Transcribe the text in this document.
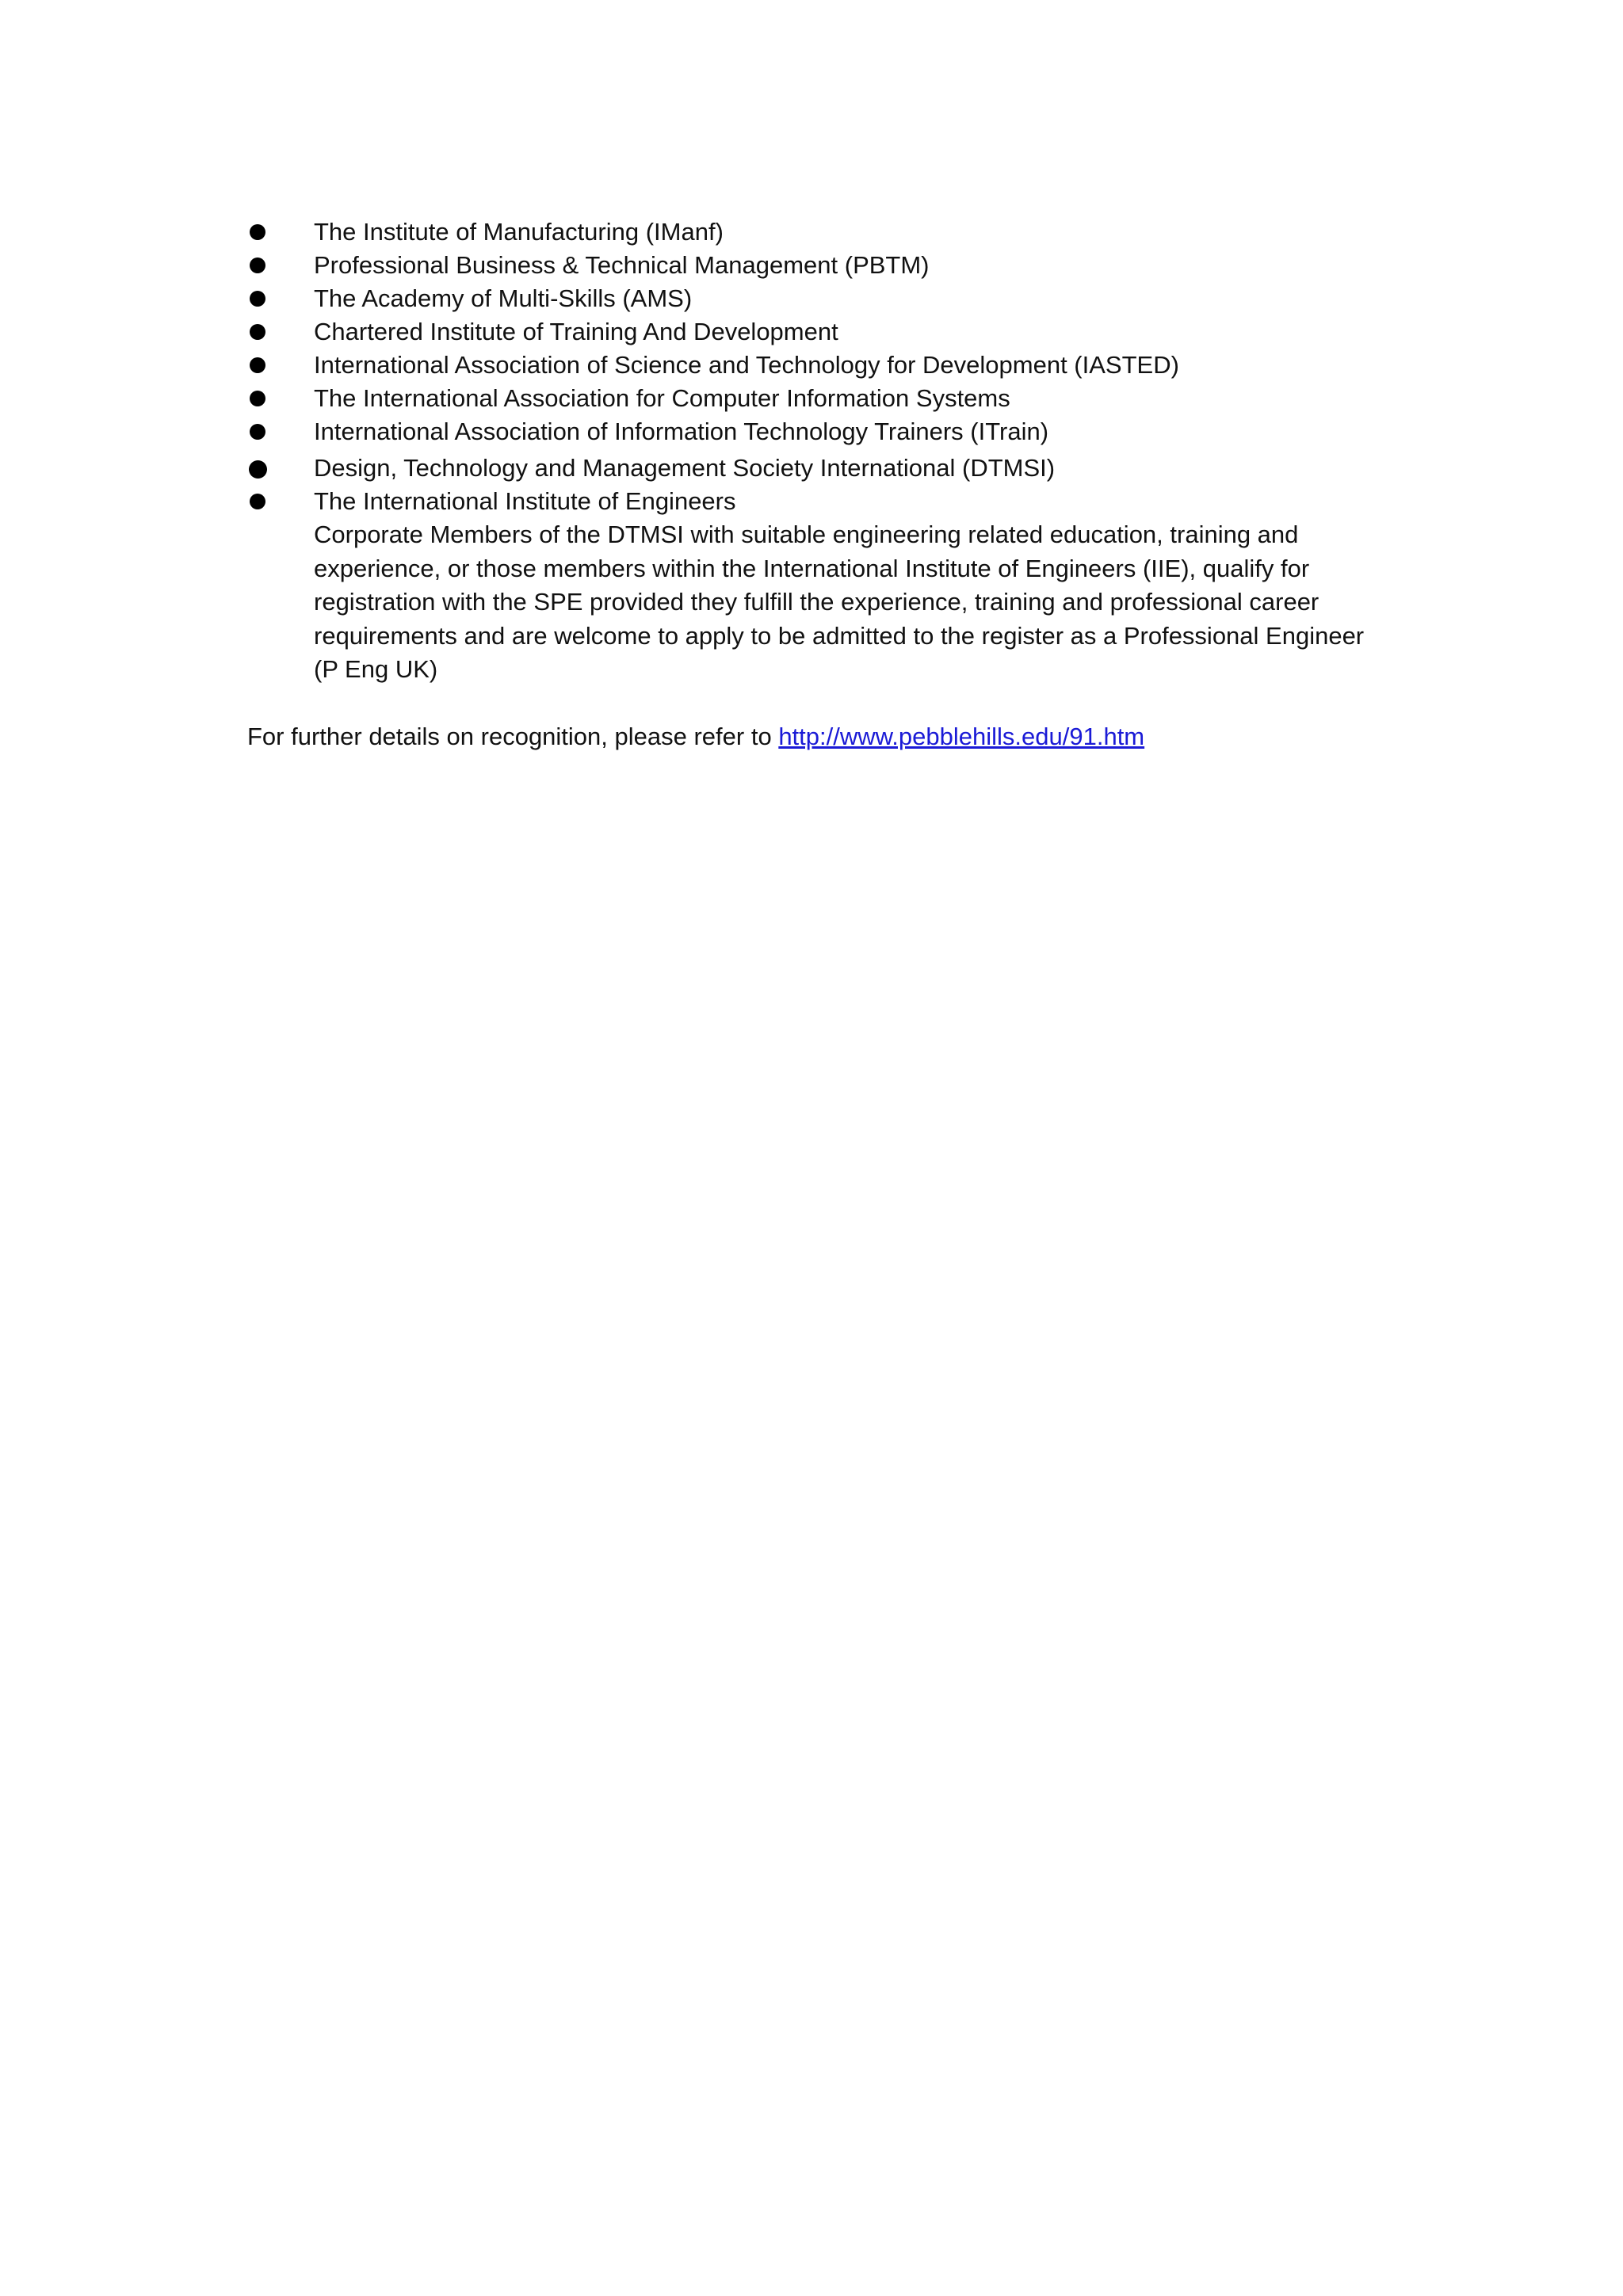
The Institute of Manufacturing (IManf)
Professional Business & Technical Management (PBTM)
The Academy of Multi-Skills (AMS)
Chartered Institute of Training And Development
International Association of Science and Technology for Development (IASTED)
The International Association for Computer Information Systems
International Association of Information Technology Trainers (ITrain)
Design, Technology and Management Society International (DTMSI)
The International Institute of Engineers
Corporate Members of the DTMSI with suitable engineering related education, training and experience, or those members within the International Institute of Engineers (IIE), qualify for registration with the SPE provided they fulfill the experience, training and professional career requirements and are welcome to apply to be admitted to the register as a Professional Engineer (P Eng UK)

For further details on recognition, please refer to http://www.pebblehills.edu/91.htm
